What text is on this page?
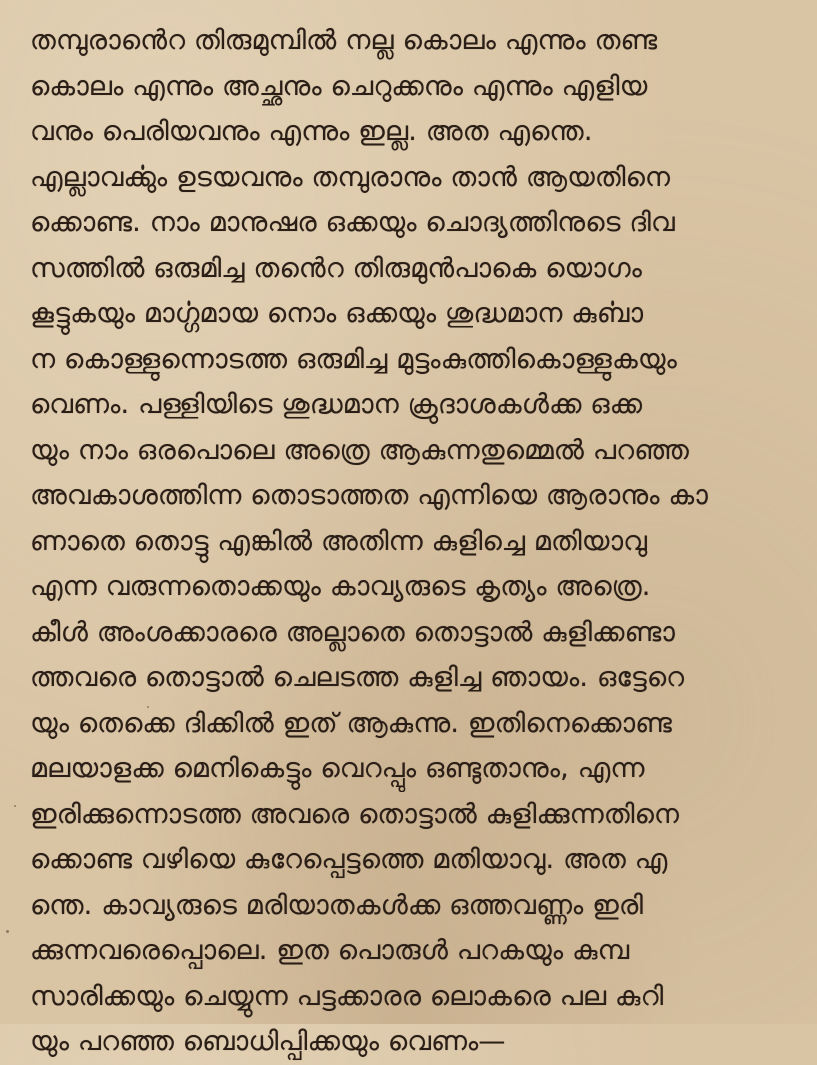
തമ്പുരാൻെറ തിരുമുമ്പിൽ നല്ല കൊലം എന്നും തണ്ട
കൊലം എന്നും അച്ഛനും ചെറുക്കനും എന്നും എളിയ
വനും പെരിയവനും എന്നും ഇല്ല. അത എന്തെ.
എല്ലാവൎക്കും ഉടയവനും തമ്പുരാനും താൻ ആയതിനെ
ക്കൊണ്ട. നാം മാനുഷര ഒക്കയും ചൊദ്യത്തിനുടെ ദിവ
സത്തിൽ ഒരുമിച്ച തൻെറ തിരുമുൻപാകെ യൊഗം
കൂട്ടുകയും മാൎഗ്ഗമായ നൊം ഒക്കയും ശുദ്ധമാന കുൎബാ
ന കൊള്ളുന്നൊടത്ത ഒരുമിച്ച മുട്ടംകുത്തികൊള്ളുകയും
വെണം. പള്ളിയിടെ ശുദ്ധമാന ക്രുദാശകൾക്ക ഒക്ക
യും നാം ഒരപൊലെ അത്രെ ആകുന്നതുമ്മെൽ പറഞ്ഞ
അവകാശത്തിന്ന തൊടാത്തത എന്നിയെ ആരാനും കാ
ണാതെ തൊട്ടു എങ്കിൽ അതിന്ന കുളിച്ചെ മതിയാവു
എന്ന വരുന്നതൊക്കയും കാവ്യരുടെ കൃത്യം അത്രെ.
കീൾ അംശക്കാരരെ അല്ലാതെ തൊട്ടാൽ കുളിക്കണ്ടാ
ത്തവരെ തൊട്ടാൽ ചെലടത്ത കുളിച്ച ഞായം. ഒട്ടേറെ
യും തെക്കെ ദിക്കിൽ ഇത് ആകുന്നു. ഇതിനെക്കൊണ്ട
മലയാളക്ക മെനികെട്ടും വെറപ്പും ഒണ്ടുതാനും, എന്ന
ഇരിക്കുന്നൊടത്ത അവരെ തൊട്ടാൽ കുളിക്കുന്നതിനെ
ക്കൊണ്ട വഴിയെ കുറേപ്പെട്ടത്തെ മതിയാവു. അത എ
ന്തെ. കാവ്യരുടെ മരിയാതകൾക്ക ഒത്തവണ്ണം ഇരി
ക്കുന്നവരെപ്പൊലെ. ഇത പൊരുൾ പറകയും കുമ്പ
സാരിക്കയും ചെയ്യുന്ന പട്ടക്കാരര ലൊകരെ പല കുറി
യും പറഞ്ഞ ബൊധിപ്പിക്കയും വെണം—
